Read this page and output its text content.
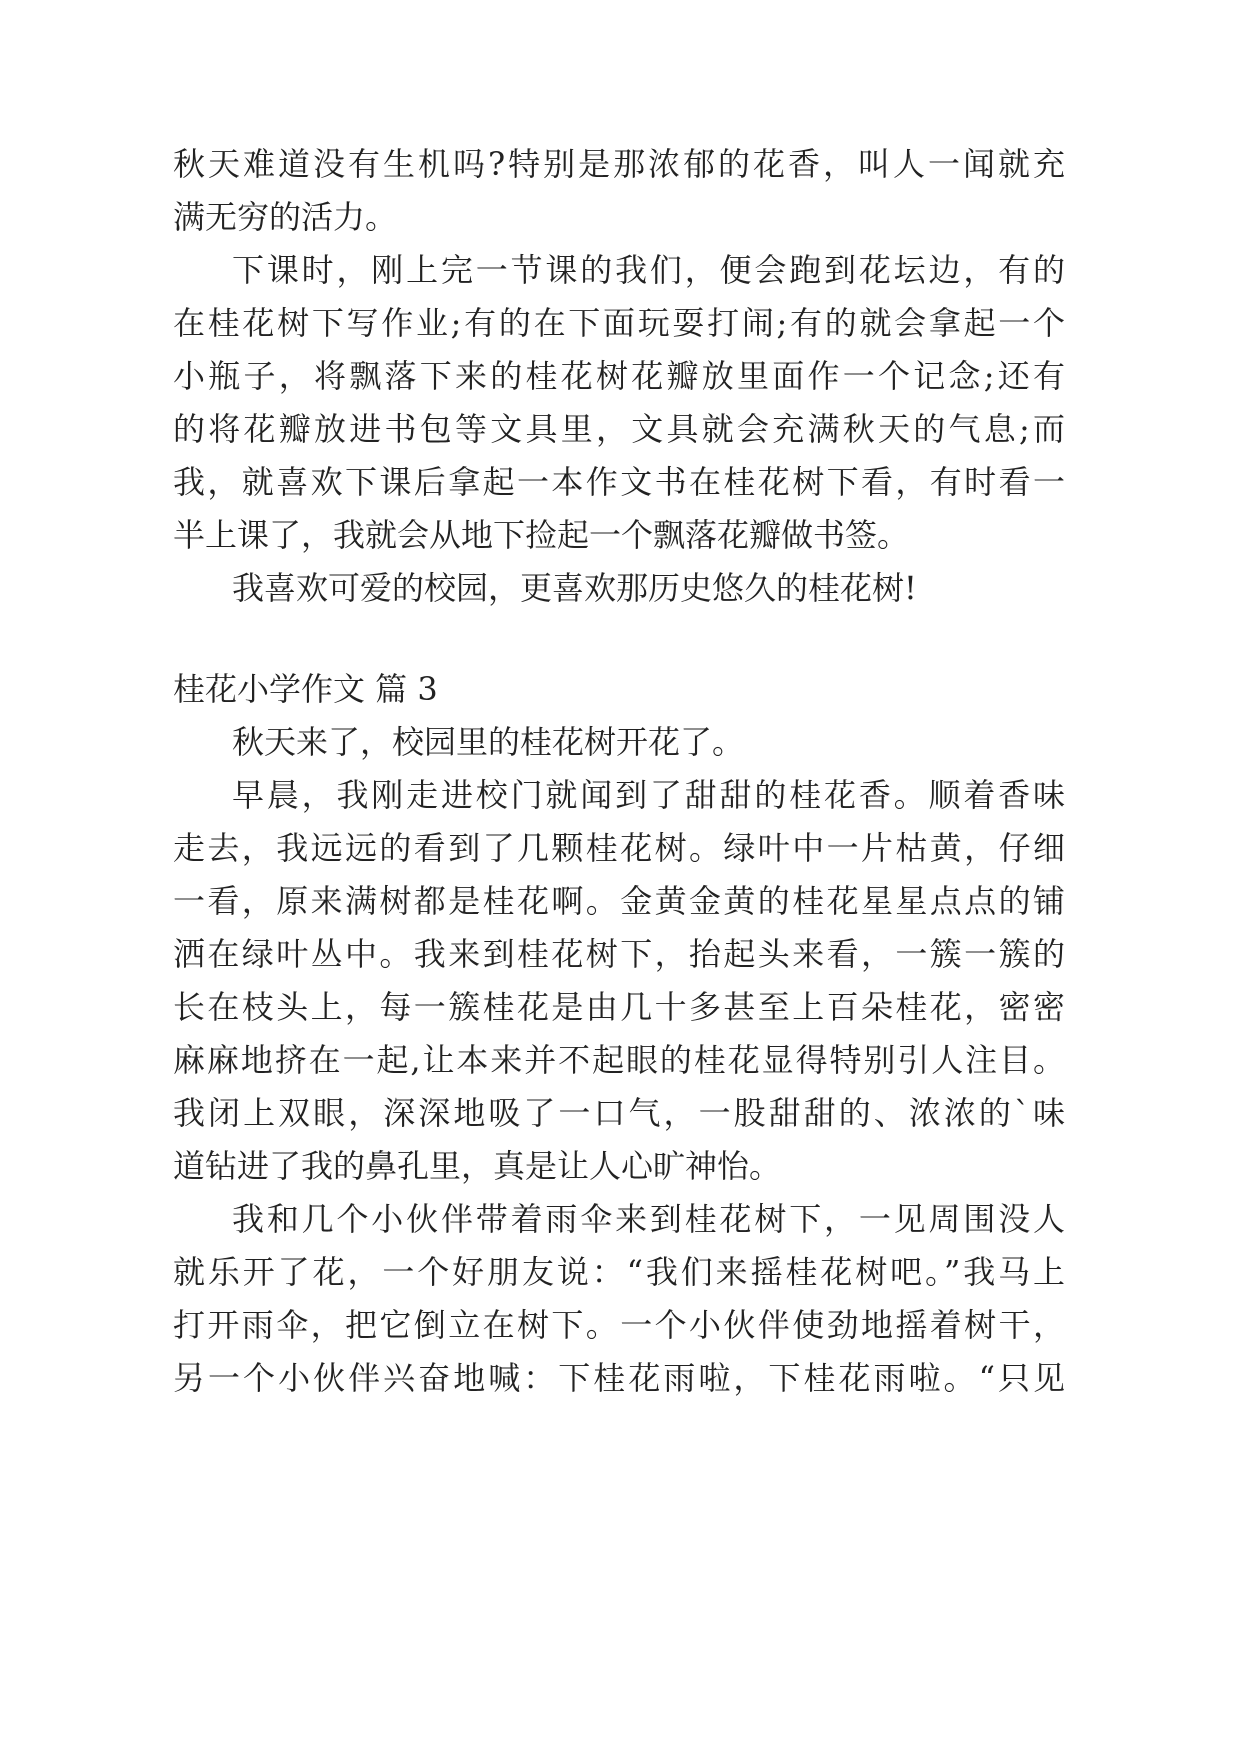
秋天难道没有生机吗?特别是那浓郁的花香，叫人一闻就充
满无穷的活力。
下课时，刚上完一节课的我们，便会跑到花坛边，有的
在桂花树下写作业;有的在下面玩耍打闹;有的就会拿起一个
小瓶子，将飘落下来的桂花树花瓣放里面作一个记念;还有
的将花瓣放进书包等文具里，文具就会充满秋天的气息;而
我，就喜欢下课后拿起一本作文书在桂花树下看，有时看一
半上课了，我就会从地下捡起一个飘落花瓣做书签。
我喜欢可爱的校园，更喜欢那历史悠久的桂花树!
桂花小学作文 篇 3
秋天来了，校园里的桂花树开花了。
早晨，我刚走进校门就闻到了甜甜的桂花香。顺着香味
走去，我远远的看到了几颗桂花树。绿叶中一片枯黄，仔细
一看，原来满树都是桂花啊。金黄金黄的桂花星星点点的铺
洒在绿叶丛中。我来到桂花树下，抬起头来看，一簇一簇的
长在枝头上，每一簇桂花是由几十多甚至上百朵桂花，密密
麻麻地挤在一起,让本来并不起眼的桂花显得特别引人注目。
我闭上双眼，深深地吸了一口气，一股甜甜的、浓浓的`味
道钻进了我的鼻孔里，真是让人心旷神怡。
我和几个小伙伴带着雨伞来到桂花树下，一见周围没人
就乐开了花，一个好朋友说：“我们来摇桂花树吧。”我马上
打开雨伞，把它倒立在树下。一个小伙伴使劲地摇着树干，
另一个小伙伴兴奋地喊：下桂花雨啦，下桂花雨啦。“只见
